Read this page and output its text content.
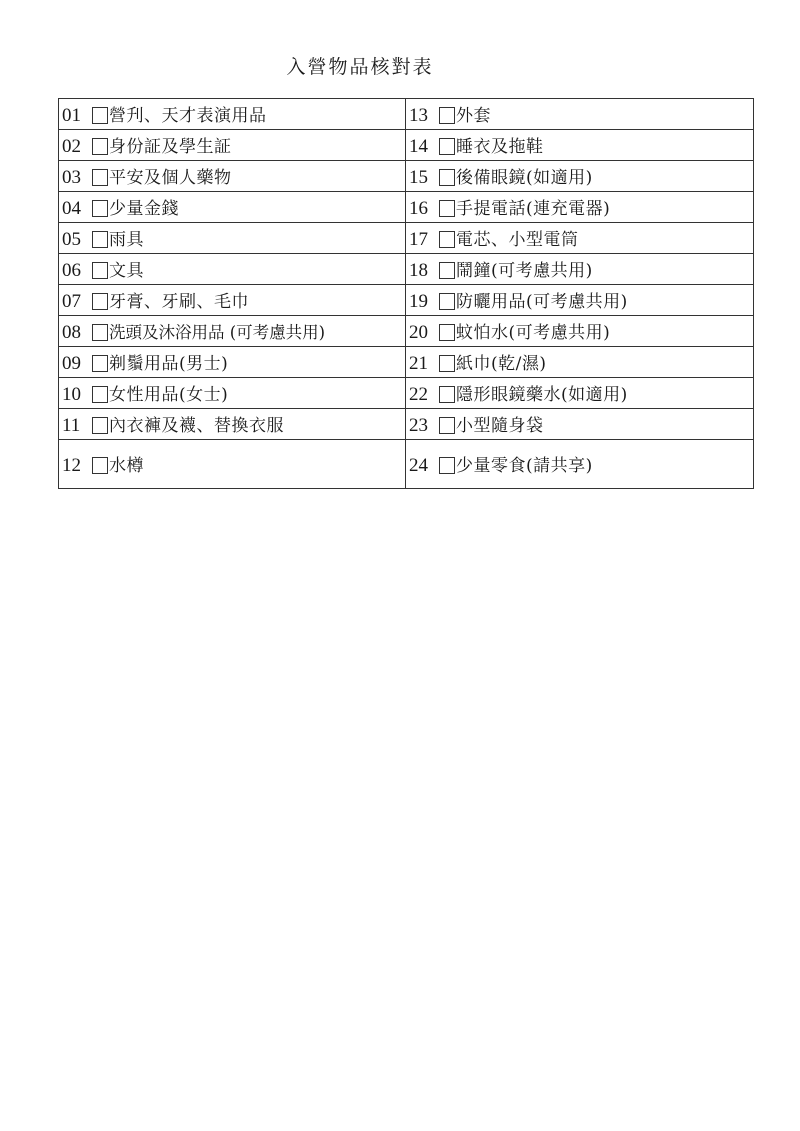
入營物品核對表
01 營刋、天才表演用品	13 外套
02 身份証及學生証	14 睡衣及拖鞋
03 平安及個人藥物	15 後備眼鏡(如適用)
04 少量金錢	16 手提電話(連充電器)
05 雨具	17 電芯、小型電筒
06 文具	18 鬧鐘(可考慮共用)
07 牙膏、牙刷、毛巾	19 防曬用品(可考慮共用)
08 洗頭及沐浴用品 (可考慮共用)	20 蚊怕水(可考慮共用)
09 剃鬚用品(男士)	21 紙巾(乾/濕)
10 女性用品(女士)	22 隱形眼鏡藥水(如適用)
11 內衣褲及襪、替換衣服	23 小型隨身袋
12 水樽	24 少量零食(請共享)
